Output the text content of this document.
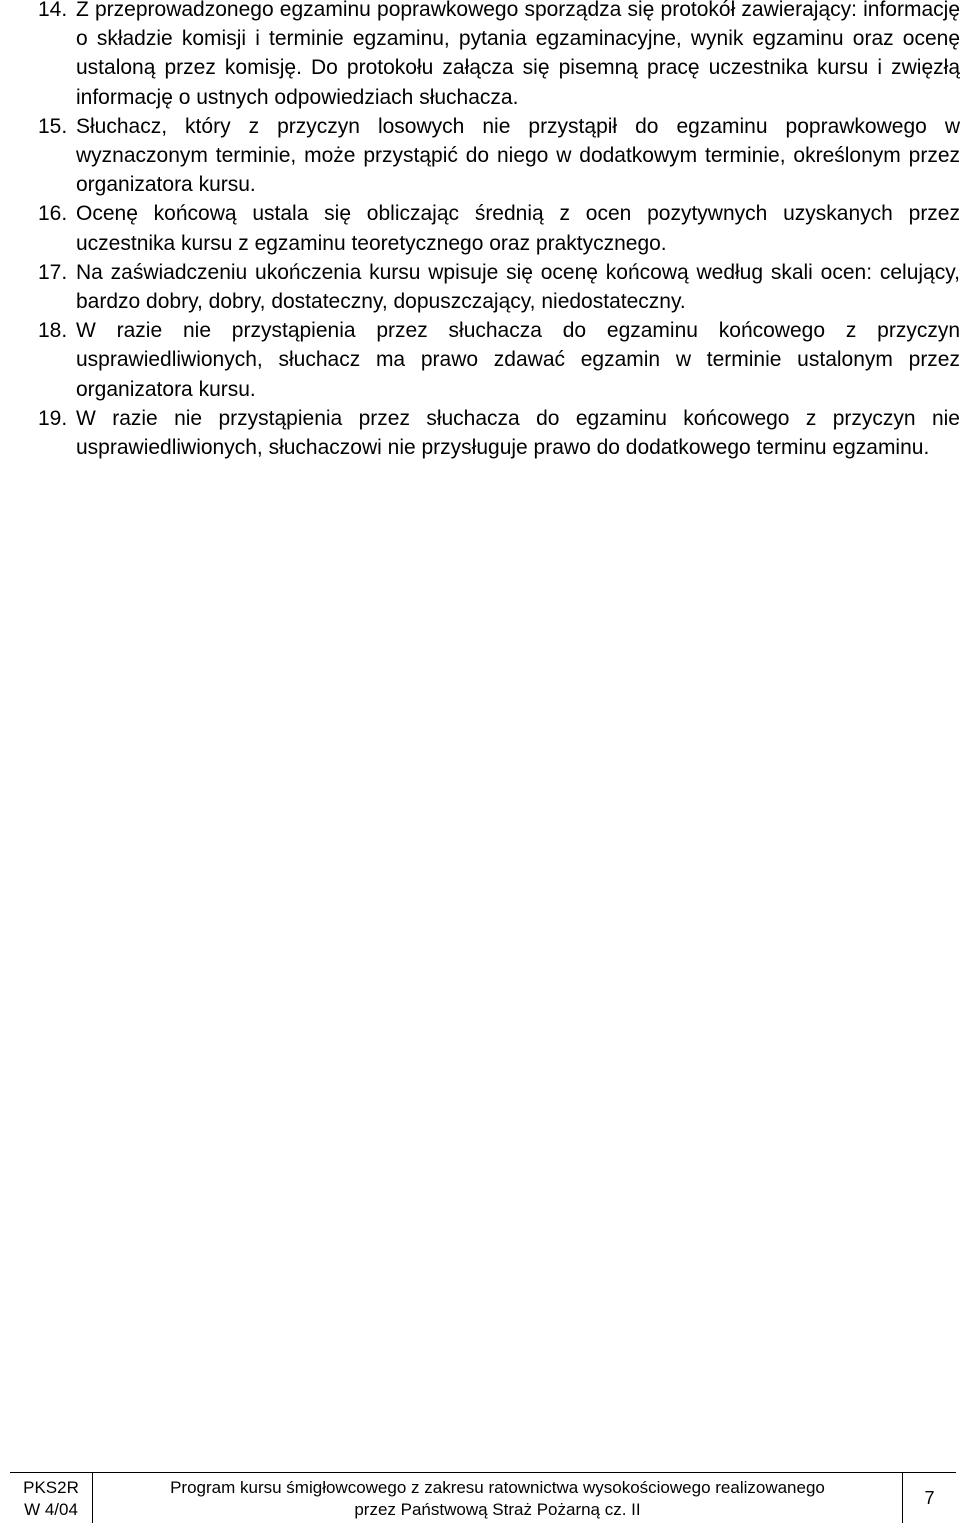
14. Z przeprowadzonego egzaminu poprawkowego sporządza się protokół zawierający: informację o składzie komisji i terminie egzaminu, pytania egzaminacyjne, wynik egzaminu oraz ocenę ustaloną przez komisję. Do protokołu załącza się pisemną pracę uczestnika kursu i zwięzłą informację o ustnych odpowiedziach słuchacza.
15. Słuchacz, który z przyczyn losowych nie przystąpił do egzaminu poprawkowego w wyznaczonym terminie, może przystąpić do niego w dodatkowym terminie, określonym przez organizatora kursu.
16. Ocenę końcową ustala się obliczając średnią z ocen pozytywnych uzyskanych przez uczestnika kursu z egzaminu teoretycznego oraz praktycznego.
17. Na zaświadczeniu ukończenia kursu wpisuje się ocenę końcową według skali ocen: celujący, bardzo dobry, dobry, dostateczny, dopuszczający, niedostateczny.
18. W razie nie przystąpienia przez słuchacza do egzaminu końcowego z przyczyn usprawiedliwionych, słuchacz ma prawo zdawać egzamin w terminie ustalonym przez organizatora kursu.
19. W razie nie przystąpienia przez słuchacza do egzaminu końcowego z przyczyn nie usprawiedliwionych, słuchaczowi nie przysługuje prawo do dodatkowego terminu egzaminu.
PKS2R
W 4/04
Program kursu śmigłowcowego z zakresu ratownictwa wysokościowego realizowanego
przez Państwową Straż Pożarną cz. II
7
